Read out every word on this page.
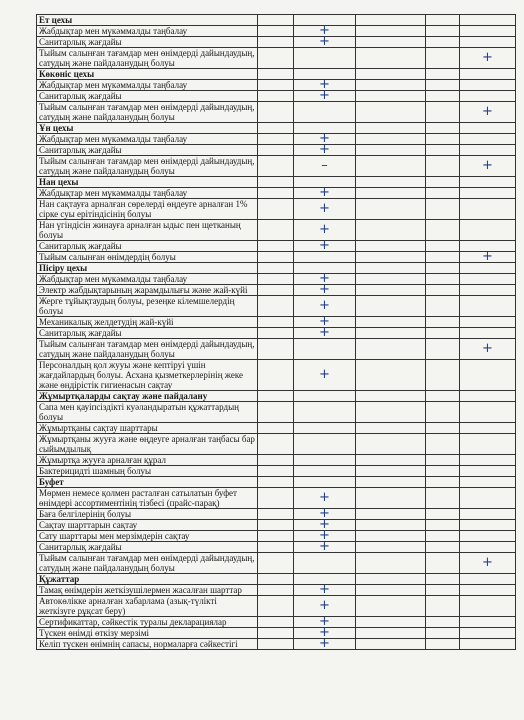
Ет цехы					
Жабдықтар мен мүкәммалды таңбалау		+			
Санитарлық жағдайы		+			
Тыйым салынған тағамдар мен өнімдерді дайындаудың, сатудың және пайдаланудың болуы					+
Көкөніс цехы					
Жабдықтар мен мүкәммалды таңбалау		+			
Санитарлық жағдайы		+			
Тыйым салынған тағамдар мен өнімдерді дайындаудың, сатудың және пайдаланудың болуы					+
Ұн цехы					
Жабдықтар мен мүкәммалды таңбалау		+			
Санитарлық жағдайы		+			
Тыйым салынған тағамдар мен өнімдерді дайындаудың, сатудың және пайдаланудың болуы		–			+
Нан цехы					
Жабдықтар мен мүкәммалды таңбалау		+			
Нан сақтауға арналған сөрелерді өңдеуге арналған 1% сірке суы ерітіндісінің болуы		+			
Нан үгіндісін жинауға арналған ыдыс пен щетканың болуы		+			
Санитарлық жағдайы		+			
Тыйым салынған өнімдердің болуы					+
Пісіру цехы					
Жабдықтар мен мүкәммалды таңбалау		+			
Электр жабдықтарының жарамдылығы және жай-күйі		+			
Жерге тұйықтаудың болуы, резеңке кілемшелердің болуы		+			
Механикалық желдетудің жай-күйі		+			
Санитарлық жағдайы		+			
Тыйым салынған тағамдар мен өнімдерді дайындаудың, сатудың және пайдаланудың болуы					+
Персоналдың қол жууы және кептіруі үшін жағдайлардың болуы. Асхана қызметкерлерінің жеке және өндірістік гигиенасын сақтау		+			
Жұмыртқаларды сақтау және пайдалану					
Сапа мен қауіпсіздікті куәландыратын құжаттардың болуы					
Жұмыртқаны сақтау шарттары					
Жұмыртқаны жууға және өңдеуге арналған таңбасы бар сыйымдылық					
Жұмыртқа жууға арналған құрал					
Бактерицидті шамның болуы					
Буфет					
Мөрмен немесе қолмен расталған сатылатын буфет өнімдері ассортиментінің тізбесі (прайс-парақ)		+			
Баға белгілерінің болуы		+			
Сақтау шарттарын сақтау		+			
Сату шарттары мен мерзімдерін сақтау		+			
Санитарлық жағдайы		+			
Тыйым салынған тағамдар мен өнімдерді дайындаудың, сатудың және пайдаланудың болуы					+
Құжаттар					
Тамақ өнімдерін жеткізушілермен жасалған шарттар		+			
Автокөлікке арналған хабарлама (азық-түлікті жеткізуге рұқсат беру)		+			
Сертификаттар, сәйкестік туралы декларациялар		+			
Түскен өнімді өткізу мерзімі		+			
Келіп түскен өнімнің сапасы, нормаларға сәйкестігі		+			
